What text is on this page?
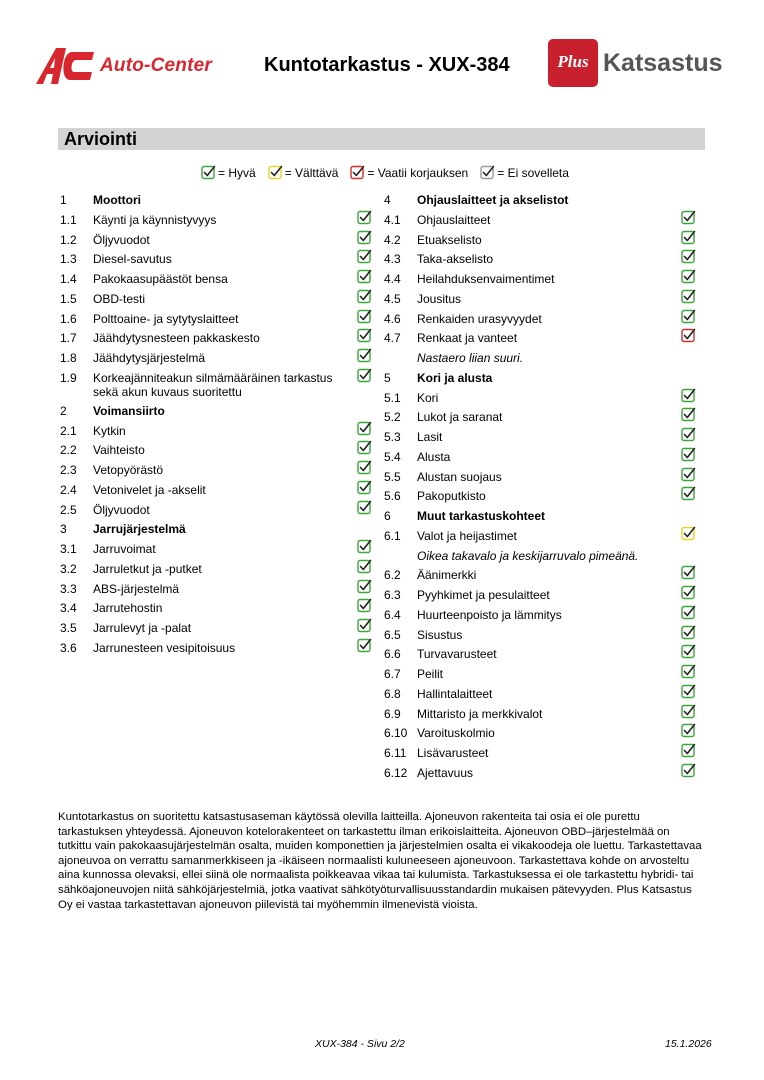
Auto-Center	Kuntotarkastus - XUX-384	Plus Katsastus
Arviointi
= Hyvä = Välttävä = Vaatii korjauksen = Ei sovelleta
1 Moottori
1.1 Käynti ja käynnistyvyys
1.2 Öljyvuodot
1.3 Diesel-savutus
1.4 Pakokaasupäästöt bensa
1.5 OBD-testi
1.6 Polttoaine- ja sytytyslaitteet
1.7 Jäähdytysnesteen pakkaskesto
1.8 Jäähdytysjärjestelmä
1.9 Korkeajänniteakun silmämääräinen tarkastus sekä akun kuvaus suoritettu
2 Voimansiirto
2.1 Kytkin
2.2 Vaihteisto
2.3 Vetopyörästö
2.4 Vetonivelet ja -akselit
2.5 Öljyvuodot
3 Jarrujärjestelmä
3.1 Jarruvoimat
3.2 Jarruletkut ja -putket
3.3 ABS-järjestelmä
3.4 Jarrutehostin
3.5 Jarrulevyt ja -palat
3.6 Jarrunesteen vesipitoisuus
4 Ohjauslaitteet ja akselistot
4.1 Ohjauslaitteet
4.2 Etuakselisto
4.3 Taka-akselisto
4.4 Heilahduksenvaimentimet
4.5 Jousitus
4.6 Renkaiden urasyvyydet
4.7 Renkaat ja vanteet
Nastaero liian suuri.
5 Kori ja alusta
5.1 Kori
5.2 Lukot ja saranat
5.3 Lasit
5.4 Alusta
5.5 Alustan suojaus
5.6 Pakoputkisto
6 Muut tarkastuskohteet
6.1 Valot ja heijastimet
Oikea takavalo ja keskijarruvalo pimeänä.
6.2 Äänimerkki
6.3 Pyyhkimet ja pesulaitteet
6.4 Huurteenpoisto ja lämmitys
6.5 Sisustus
6.6 Turvavarusteet
6.7 Peilit
6.8 Hallintalaitteet
6.9 Mittaristo ja merkkivalot
6.10 Varoituskolmio
6.11 Lisävarusteet
6.12 Ajettavuus
Kuntotarkastus on suoritettu katsastusaseman käytössä olevilla laitteilla. Ajoneuvon rakenteita tai osia ei ole purettu tarkastuksen yhteydessä. Ajoneuvon kotelorakenteet on tarkastettu ilman erikoislaitteita. Ajoneuvon OBD–järjestelmää on tutkittu vain pakokaasujärjestelmän osalta, muiden komponettien ja järjestelmien osalta ei vikakoodeja ole luettu. Tarkastettavaa ajoneuvoa on verrattu samanmerkkiseen ja -ikäiseen normaalisti kuluneeseen ajoneuvoon. Tarkastettava kohde on arvosteltu aina kunnossa olevaksi, ellei siinä ole normaalista poikkeavaa vikaa tai kulumista. Tarkastuksessa ei ole tarkastettu hybridi- tai sähköajoneuvojen niitä sähköjärjestelmiä, jotka vaativat sähkötyöturvallisuusstandardin mukaisen pätevyyden. Plus Katsastus Oy ei vastaa tarkastettavan ajoneuvon piilevistä tai myöhemmin ilmenevistä vioista.
XUX-384 - Sivu 2/2	15.1.2026
